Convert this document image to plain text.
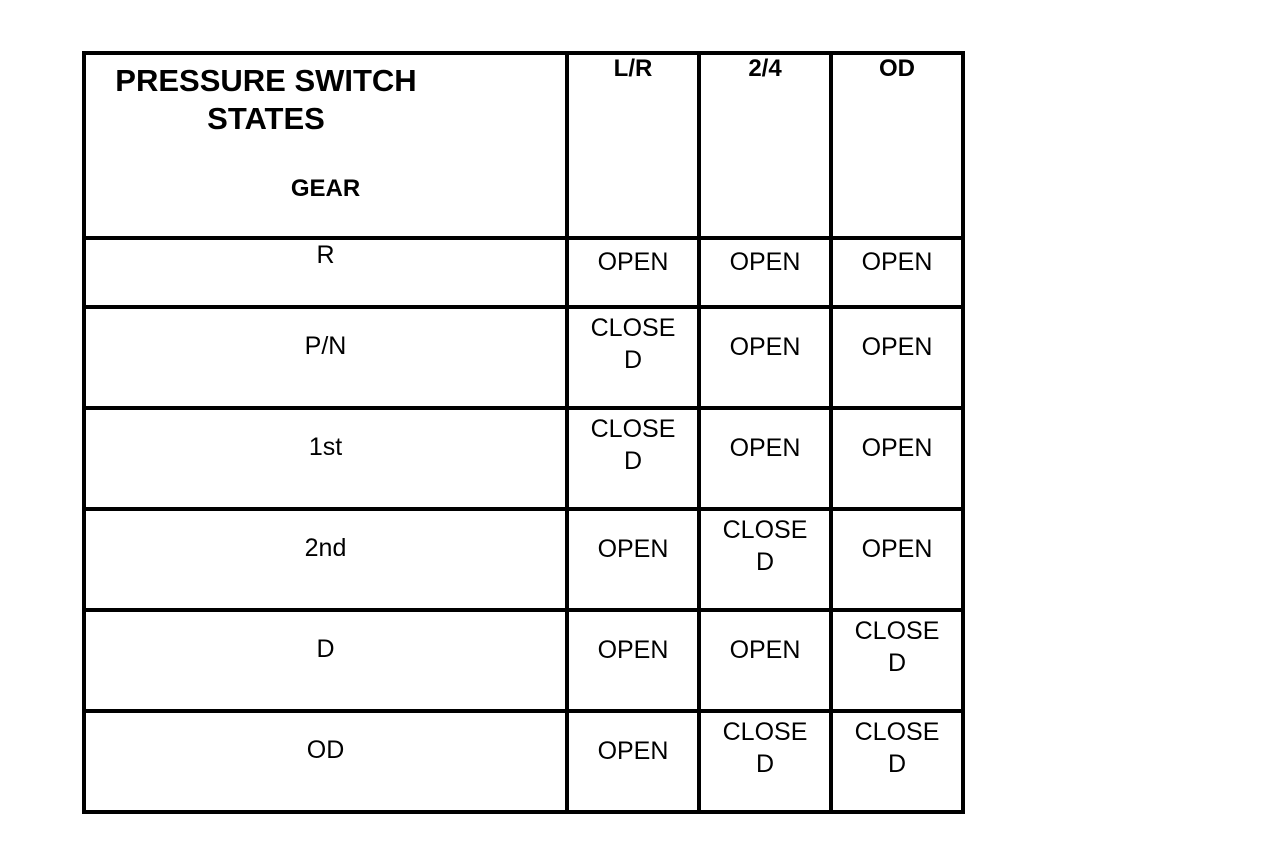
PRESSURE SWITCH STATES
GEAR	L/R	2/4	OD
R	OPEN	OPEN	OPEN
P/N	CLOSED	OPEN	OPEN
1st	CLOSED	OPEN	OPEN
2nd	OPEN	CLOSED	OPEN
D	OPEN	OPEN	CLOSED
OD	OPEN	CLOSED	CLOSED
